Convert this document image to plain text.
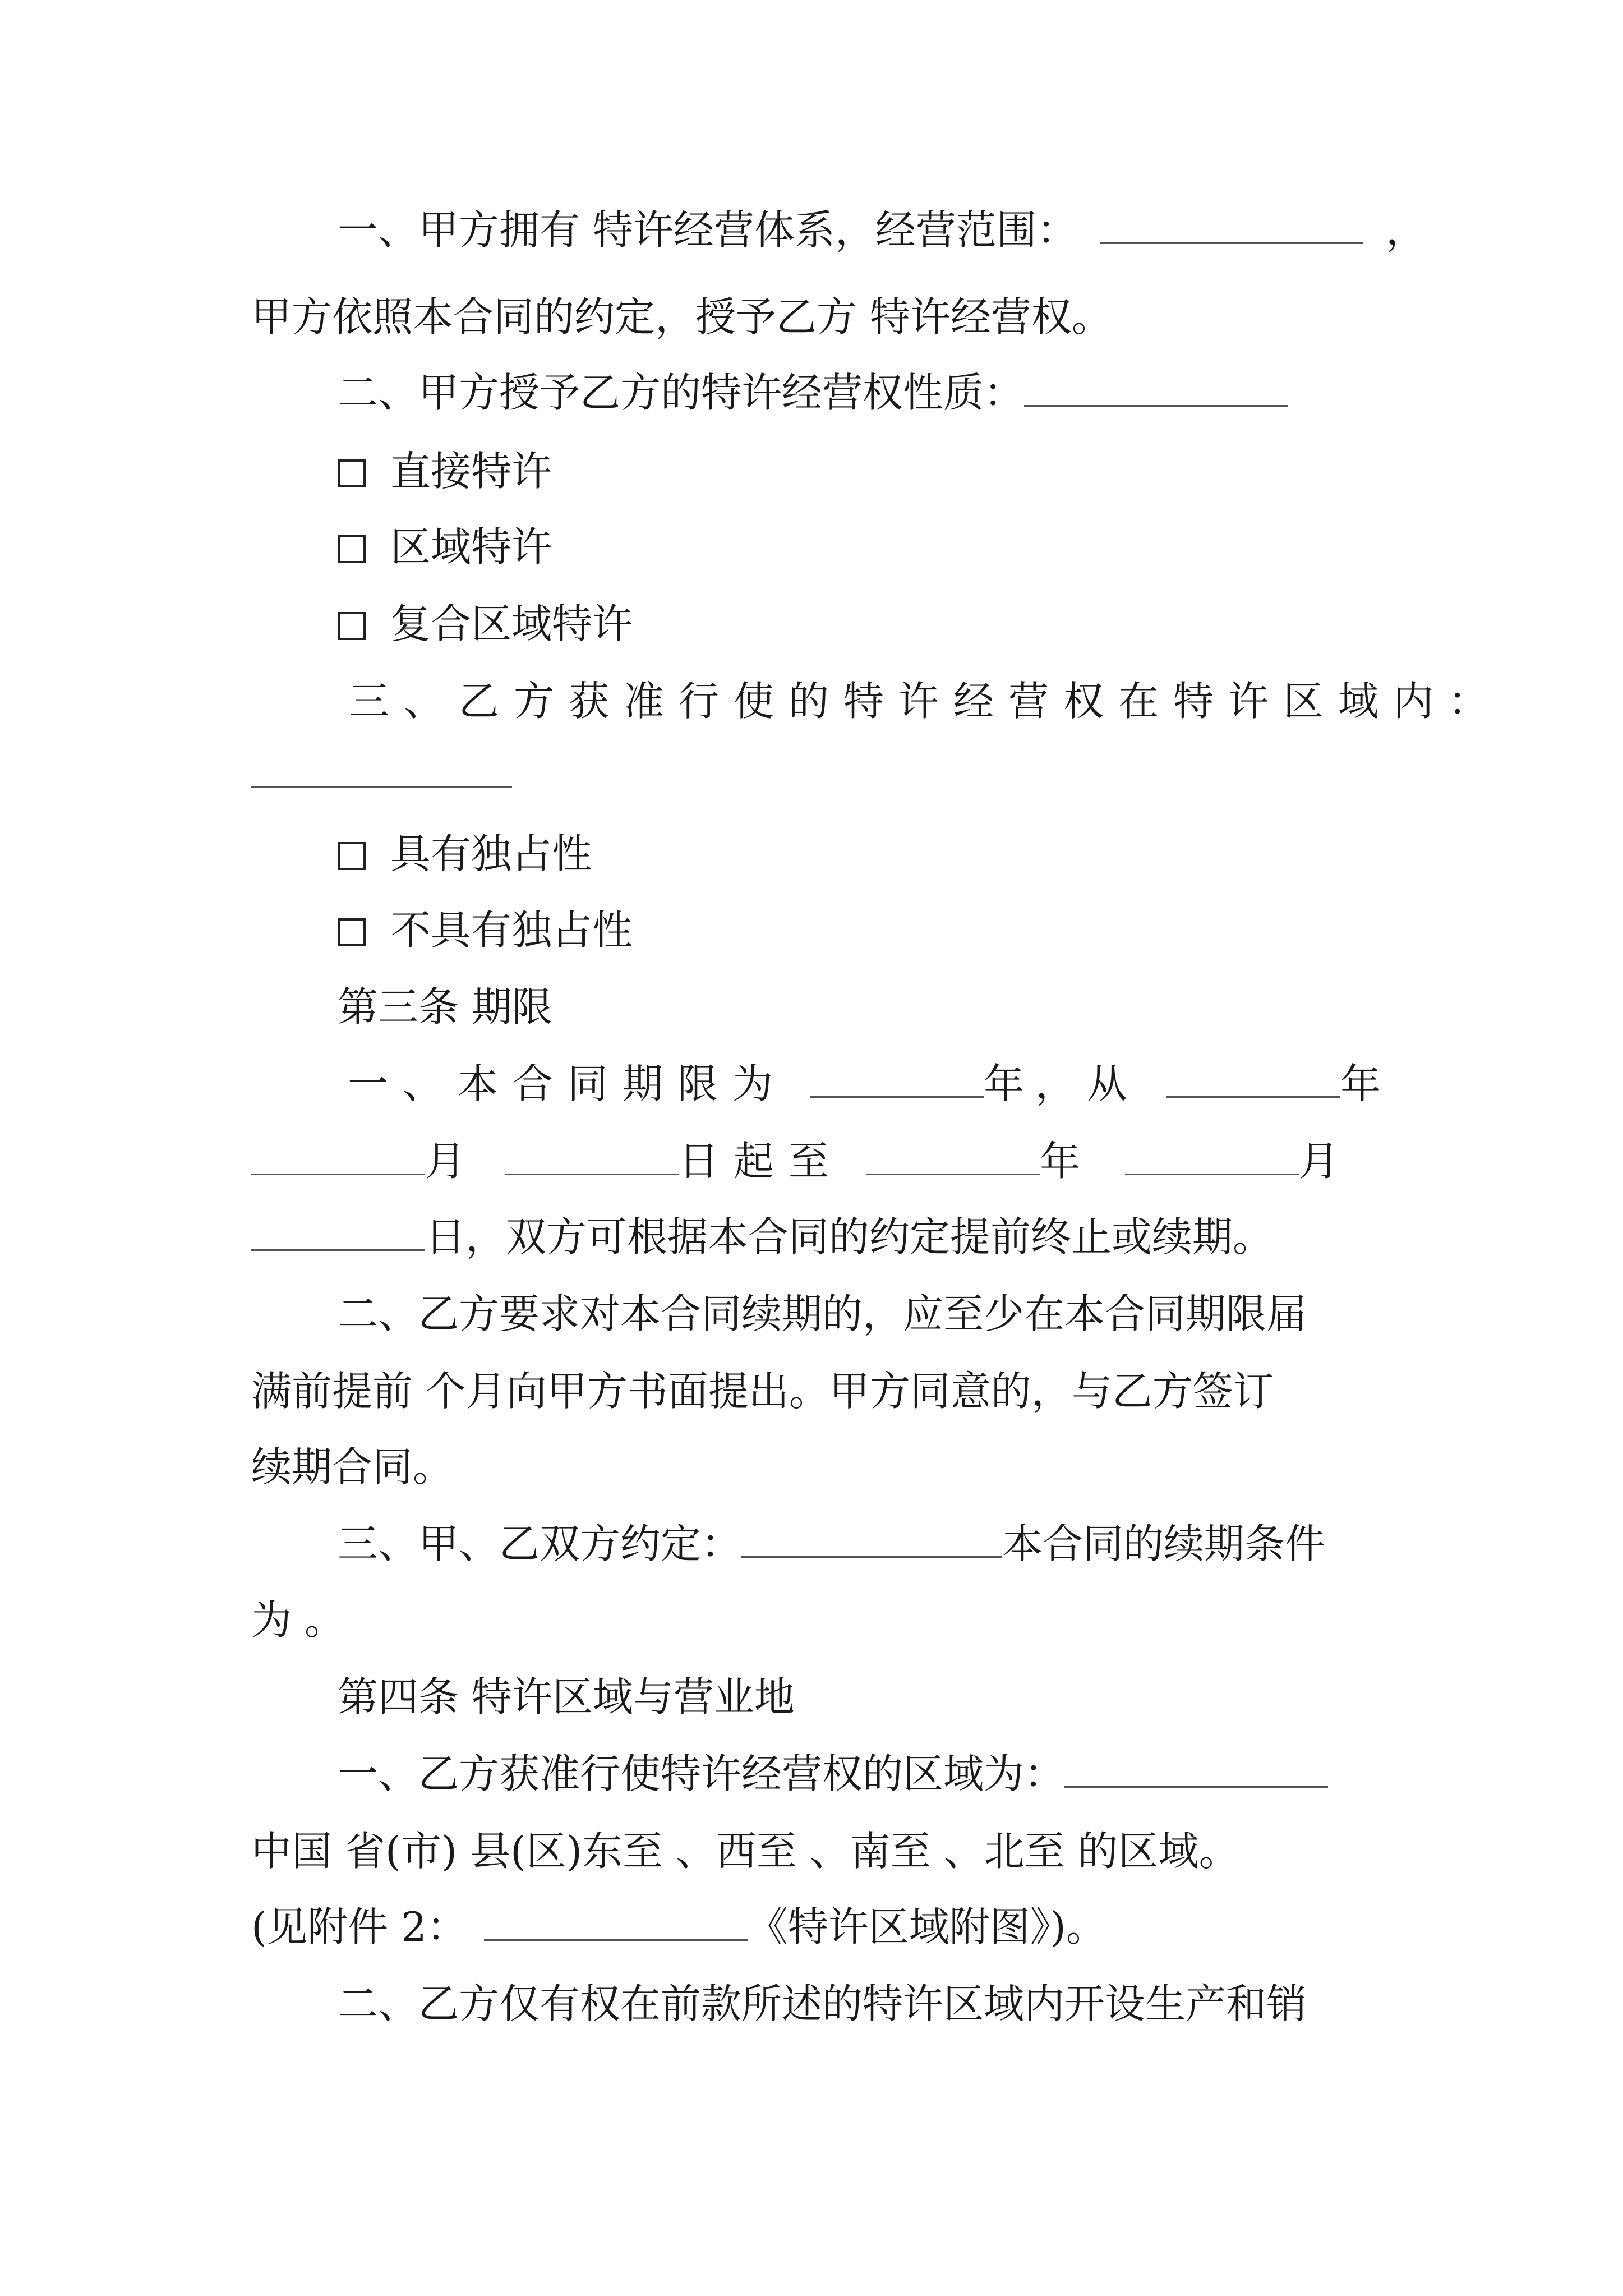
一、甲方拥有 特许经营体系，经营范围：	，
甲方依照本合同的约定，授予乙方 特许经营权。
二、甲方授予乙方的特许经营权性质：
直接特许
区域特许
复合区域特许
三、乙方获准行使的特许经营权在特许区域内：
具有独占性
不具有独占性
第三条 期限
一、本合同期限为	年，从	年
月	日起至	年	月
日，双方可根据本合同的约定提前终止或续期。
二、乙方要求对本合同续期的，应至少在本合同期限届
满前提前 个月向甲方书面提出。甲方同意的，与乙方签订
续期合同。
三、甲、乙双方约定：	本合同的续期条件
为 。
第四条 特许区域与营业地
一、乙方获准行使特许经营权的区域为：
中国 省(市) 县(区)东至 、西至 、南至 、北至 的区域。
(见附件 2：	《特许区域附图》)。
二、乙方仅有权在前款所述的特许区域内开设生产和销
